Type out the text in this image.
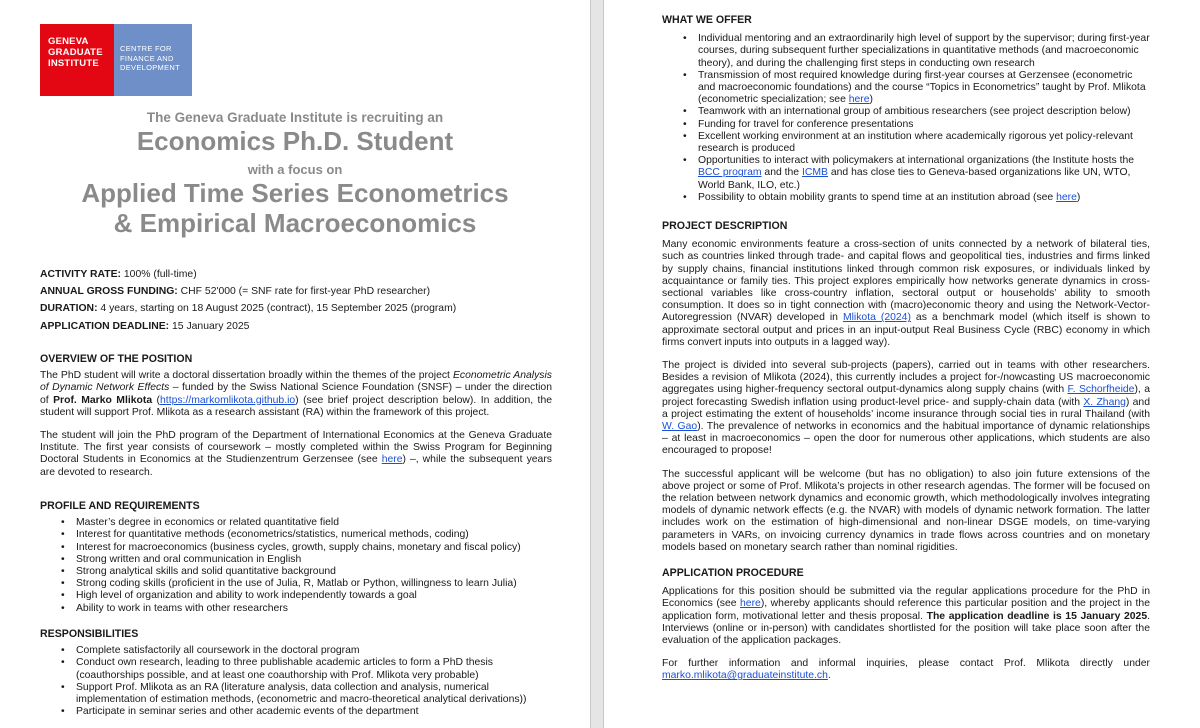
GENEVA
GRADUATE
INSTITUTE
CENTRE FOR
FINANCE AND
DEVELOPMENT
The Geneva Graduate Institute is recruiting an
Economics Ph.D. Student
with a focus on
Applied Time Series Econometrics
& Empirical Macroeconomics
ACTIVITY RATE: 100% (full-time)
ANNUAL GROSS FUNDING: CHF 52'000 (= SNF rate for first-year PhD researcher)
DURATION: 4 years, starting on 18 August 2025 (contract), 15 September 2025 (program)
APPLICATION DEADLINE: 15 January 2025
OVERVIEW OF THE POSITION

The PhD student will write a doctoral dissertation broadly within the themes of the project Econometric Analysis of Dynamic Network Effects – funded by the Swiss National Science Foundation (SNSF) – under the direction of Prof. Marko Mlikota (https://markomlikota.github.io) (see brief project description below). In addition, the student will support Prof. Mlikota as a research assistant (RA) within the framework of this project.

The student will join the PhD program of the Department of International Economics at the Geneva Graduate Institute. The first year consists of coursework – mostly completed within the Swiss Program for Beginning Doctoral Students in Economics at the Studienzentrum Gerzensee (see here) –, while the subsequent years are devoted to research.

PROFILE AND REQUIREMENTS
• Master’s degree in economics or related quantitative field
• Interest for quantitative methods (econometrics/statistics, numerical methods, coding)
• Interest for macroeconomics (business cycles, growth, supply chains, monetary and fiscal policy)
• Strong written and oral communication in English
• Strong analytical skills and solid quantitative background
• Strong coding skills (proficient in the use of Julia, R, Matlab or Python, willingness to learn Julia)
• High level of organization and ability to work independently towards a goal
• Ability to work in teams with other researchers
RESPONSIBILITIES
• Complete satisfactorily all coursework in the doctoral program
• Conduct own research, leading to three publishable academic articles to form a PhD thesis (coauthorships possible, and at least one coauthorship with Prof. Mlikota very probable)
• Support Prof. Mlikota as an RA (literature analysis, data collection and analysis, numerical implementation of estimation methods, (econometric and macro-theoretical analytical derivations))
• Participate in seminar series and other academic events of the department
WHAT WE OFFER
• Individual mentoring and an extraordinarily high level of support by the supervisor; during first-year courses, during subsequent further specializations in quantitative methods (and macroeconomic theory), and during the challenging first steps in conducting own research
• Transmission of most required knowledge during first-year courses at Gerzensee (econometric and macroeconomic foundations) and the course “Topics in Econometrics” taught by Prof. Mlikota (econometric specialization; see here)
• Teamwork with an international group of ambitious researchers (see project description below)
• Funding for travel for conference presentations
• Excellent working environment at an institution where academically rigorous yet policy-relevant research is produced
• Opportunities to interact with policymakers at international organizations (the Institute hosts the BCC program and the ICMB and has close ties to Geneva-based organizations like UN, WTO, World Bank, ILO, etc.)
• Possibility to obtain mobility grants to spend time at an institution abroad (see here)
PROJECT DESCRIPTION

Many economic environments feature a cross-section of units connected by a network of bilateral ties, such as countries linked through trade- and capital flows and geopolitical ties, industries and firms linked by supply chains, financial institutions linked through common risk exposures, or individuals linked by acquaintance or family ties. This project explores empirically how networks generate dynamics in cross-sectional variables like cross-country inflation, sectoral output or households’ ability to smooth consumption. It does so in tight connection with (macro)economic theory and using the Network-Vector-Autoregression (NVAR) developed in Mlikota (2024) as a benchmark model (which itself is shown to approximate sectoral output and prices in an input-output Real Business Cycle (RBC) economy in which firms convert inputs into outputs in a lagged way).

The project is divided into several sub-projects (papers), carried out in teams with other researchers. Besides a revision of Mlikota (2024), this currently includes a project for-/nowcasting US macroeconomic aggregates using higher-frequency sectoral output-dynamics along supply chains (with F. Schorfheide), a project forecasting Swedish inflation using product-level price- and supply-chain data (with X. Zhang) and a project estimating the extent of households’ income insurance through social ties in rural Thailand (with W. Gao). The prevalence of networks in economics and the habitual importance of dynamic relationships – at least in macroeconomics – open the door for numerous other applications, which students are also encouraged to propose!

The successful applicant will be welcome (but has no obligation) to also join future extensions of the above project or some of Prof. Mlikota’s projects in other research agendas. The former will be focused on the relation between network dynamics and economic growth, which methodologically involves integrating models of dynamic network effects (e.g. the NVAR) with models of dynamic network formation. The latter includes work on the estimation of high-dimensional and non-linear DSGE models, on time-varying parameters in VARs, on invoicing currency dynamics in trade flows across countries and on monetary models based on monetary search rather than nominal rigidities.

APPLICATION PROCEDURE

Applications for this position should be submitted via the regular applications procedure for the PhD in Economics (see here), whereby applicants should reference this particular position and the project in the application form, motivational letter and thesis proposal. The application deadline is 15 January 2025. Interviews (online or in-person) with candidates shortlisted for the position will take place soon after the evaluation of the application packages.

For further information and informal inquiries, please contact Prof. Mlikota directly under marko.mlikota@graduateinstitute.ch.
